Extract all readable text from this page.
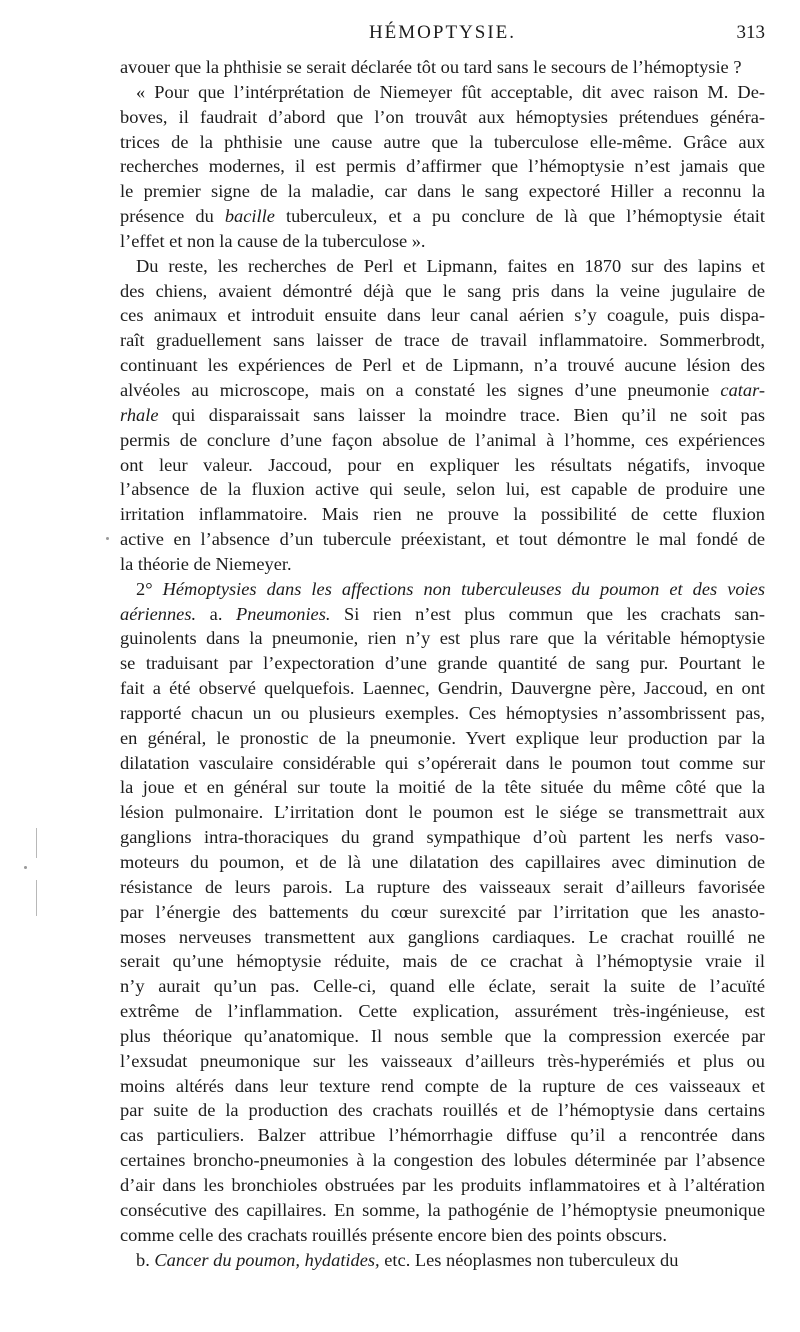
HÉMOPTYSIE.	313
avouer que la phthisie se serait déclarée tôt ou tard sans le secours de l’hémoptysie ?
« Pour que l’intérprétation de Niemeyer fût acceptable, dit avec raison M. De-
boves, il faudrait d’abord que l’on trouvât aux hémoptysies prétendues généra-
trices de la phthisie une cause autre que la tuberculose elle-même. Grâce aux
recherches modernes, il est permis d’affirmer que l’hémoptysie n’est jamais que
le premier signe de la maladie, car dans le sang expectoré Hiller a reconnu la
présence du bacille tuberculeux, et a pu conclure de là que l’hémoptysie était
l’effet et non la cause de la tuberculose ».
Du reste, les recherches de Perl et Lipmann, faites en 1870 sur des lapins et
des chiens, avaient démontré déjà que le sang pris dans la veine jugulaire de
ces animaux et introduit ensuite dans leur canal aérien s’y coagule, puis dispa-
raît graduellement sans laisser de trace de travail inflammatoire. Sommerbrodt,
continuant les expériences de Perl et de Lipmann, n’a trouvé aucune lésion des
alvéoles au microscope, mais on a constaté les signes d’une pneumonie catar-
rhale qui disparaissait sans laisser la moindre trace. Bien qu’il ne soit pas
permis de conclure d’une façon absolue de l’animal à l’homme, ces expériences
ont leur valeur. Jaccoud, pour en expliquer les résultats négatifs, invoque
l’absence de la fluxion active qui seule, selon lui, est capable de produire une
irritation inflammatoire. Mais rien ne prouve la possibilité de cette fluxion
active en l’absence d’un tubercule préexistant, et tout démontre le mal fondé de
la théorie de Niemeyer.
2° Hémoptysies dans les affections non tuberculeuses du poumon et des voies
aériennes. a. Pneumonies. Si rien n’est plus commun que les crachats san-
guinolents dans la pneumonie, rien n’y est plus rare que la véritable hémoptysie
se traduisant par l’expectoration d’une grande quantité de sang pur. Pourtant le
fait a été observé quelquefois. Laennec, Gendrin, Dauvergne père, Jaccoud, en ont
rapporté chacun un ou plusieurs exemples. Ces hémoptysies n’assombrissent pas,
en général, le pronostic de la pneumonie. Yvert explique leur production par la
dilatation vasculaire considérable qui s’opérerait dans le poumon tout comme sur
la joue et en général sur toute la moitié de la tête située du même côté que la
lésion pulmonaire. L’irritation dont le poumon est le siége se transmettrait aux
ganglions intra-thoraciques du grand sympathique d’où partent les nerfs vaso-
moteurs du poumon, et de là une dilatation des capillaires avec diminution de
résistance de leurs parois. La rupture des vaisseaux serait d’ailleurs favorisée
par l’énergie des battements du cœur surexcité par l’irritation que les anasto-
moses nerveuses transmettent aux ganglions cardiaques. Le crachat rouillé ne
serait qu’une hémoptysie réduite, mais de ce crachat à l’hémoptysie vraie il
n’y aurait qu’un pas. Celle-ci, quand elle éclate, serait la suite de l’acuïté
extrême de l’inflammation. Cette explication, assurément très-ingénieuse, est
plus théorique qu’anatomique. Il nous semble que la compression exercée par
l’exsudat pneumonique sur les vaisseaux d’ailleurs très-hyperémiés et plus ou
moins altérés dans leur texture rend compte de la rupture de ces vaisseaux et
par suite de la production des crachats rouillés et de l’hémoptysie dans certains
cas particuliers. Balzer attribue l’hémorrhagie diffuse qu’il a rencontrée dans
certaines broncho-pneumonies à la congestion des lobules déterminée par l’absence
d’air dans les bronchioles obstruées par les produits inflammatoires et à l’altération
consécutive des capillaires. En somme, la pathogénie de l’hémoptysie pneumonique
comme celle des crachats rouillés présente encore bien des points obscurs.
b. Cancer du poumon, hydatides, etc. Les néoplasmes non tuberculeux du
